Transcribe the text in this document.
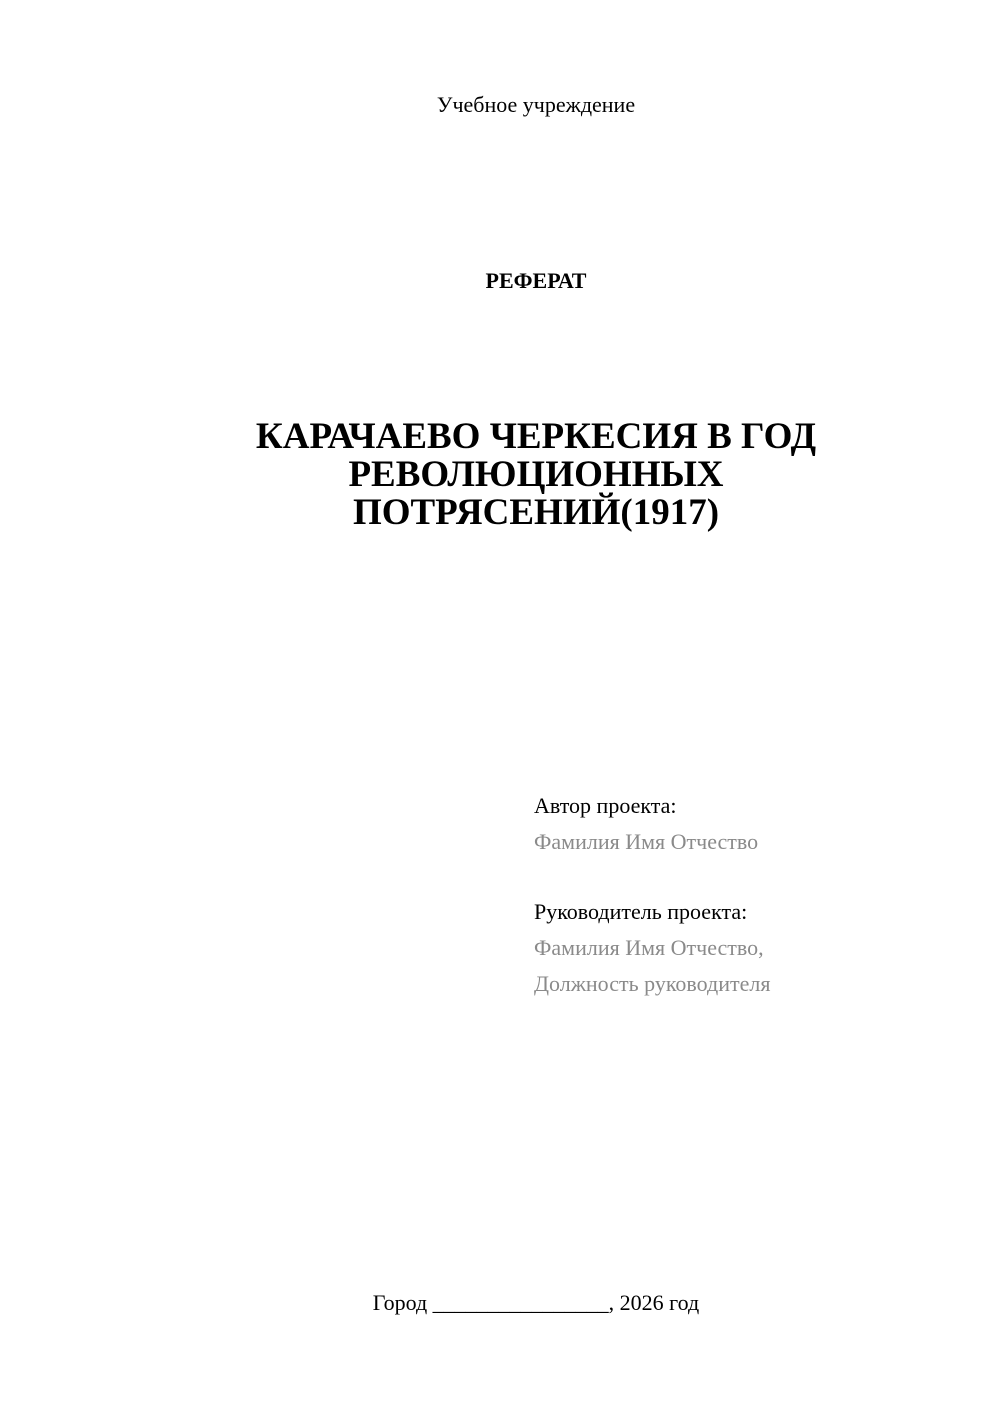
Учебное учреждение
РЕФЕРАТ
КАРАЧАЕВО ЧЕРКЕСИЯ В ГОД
РЕВОЛЮЦИОННЫХ
ПОТРЯСЕНИЙ(1917)
Автор проекта:
Фамилия Имя Отчество
Руководитель проекта:
Фамилия Имя Отчество,
Должность руководителя
Город ________________, 2026 год
